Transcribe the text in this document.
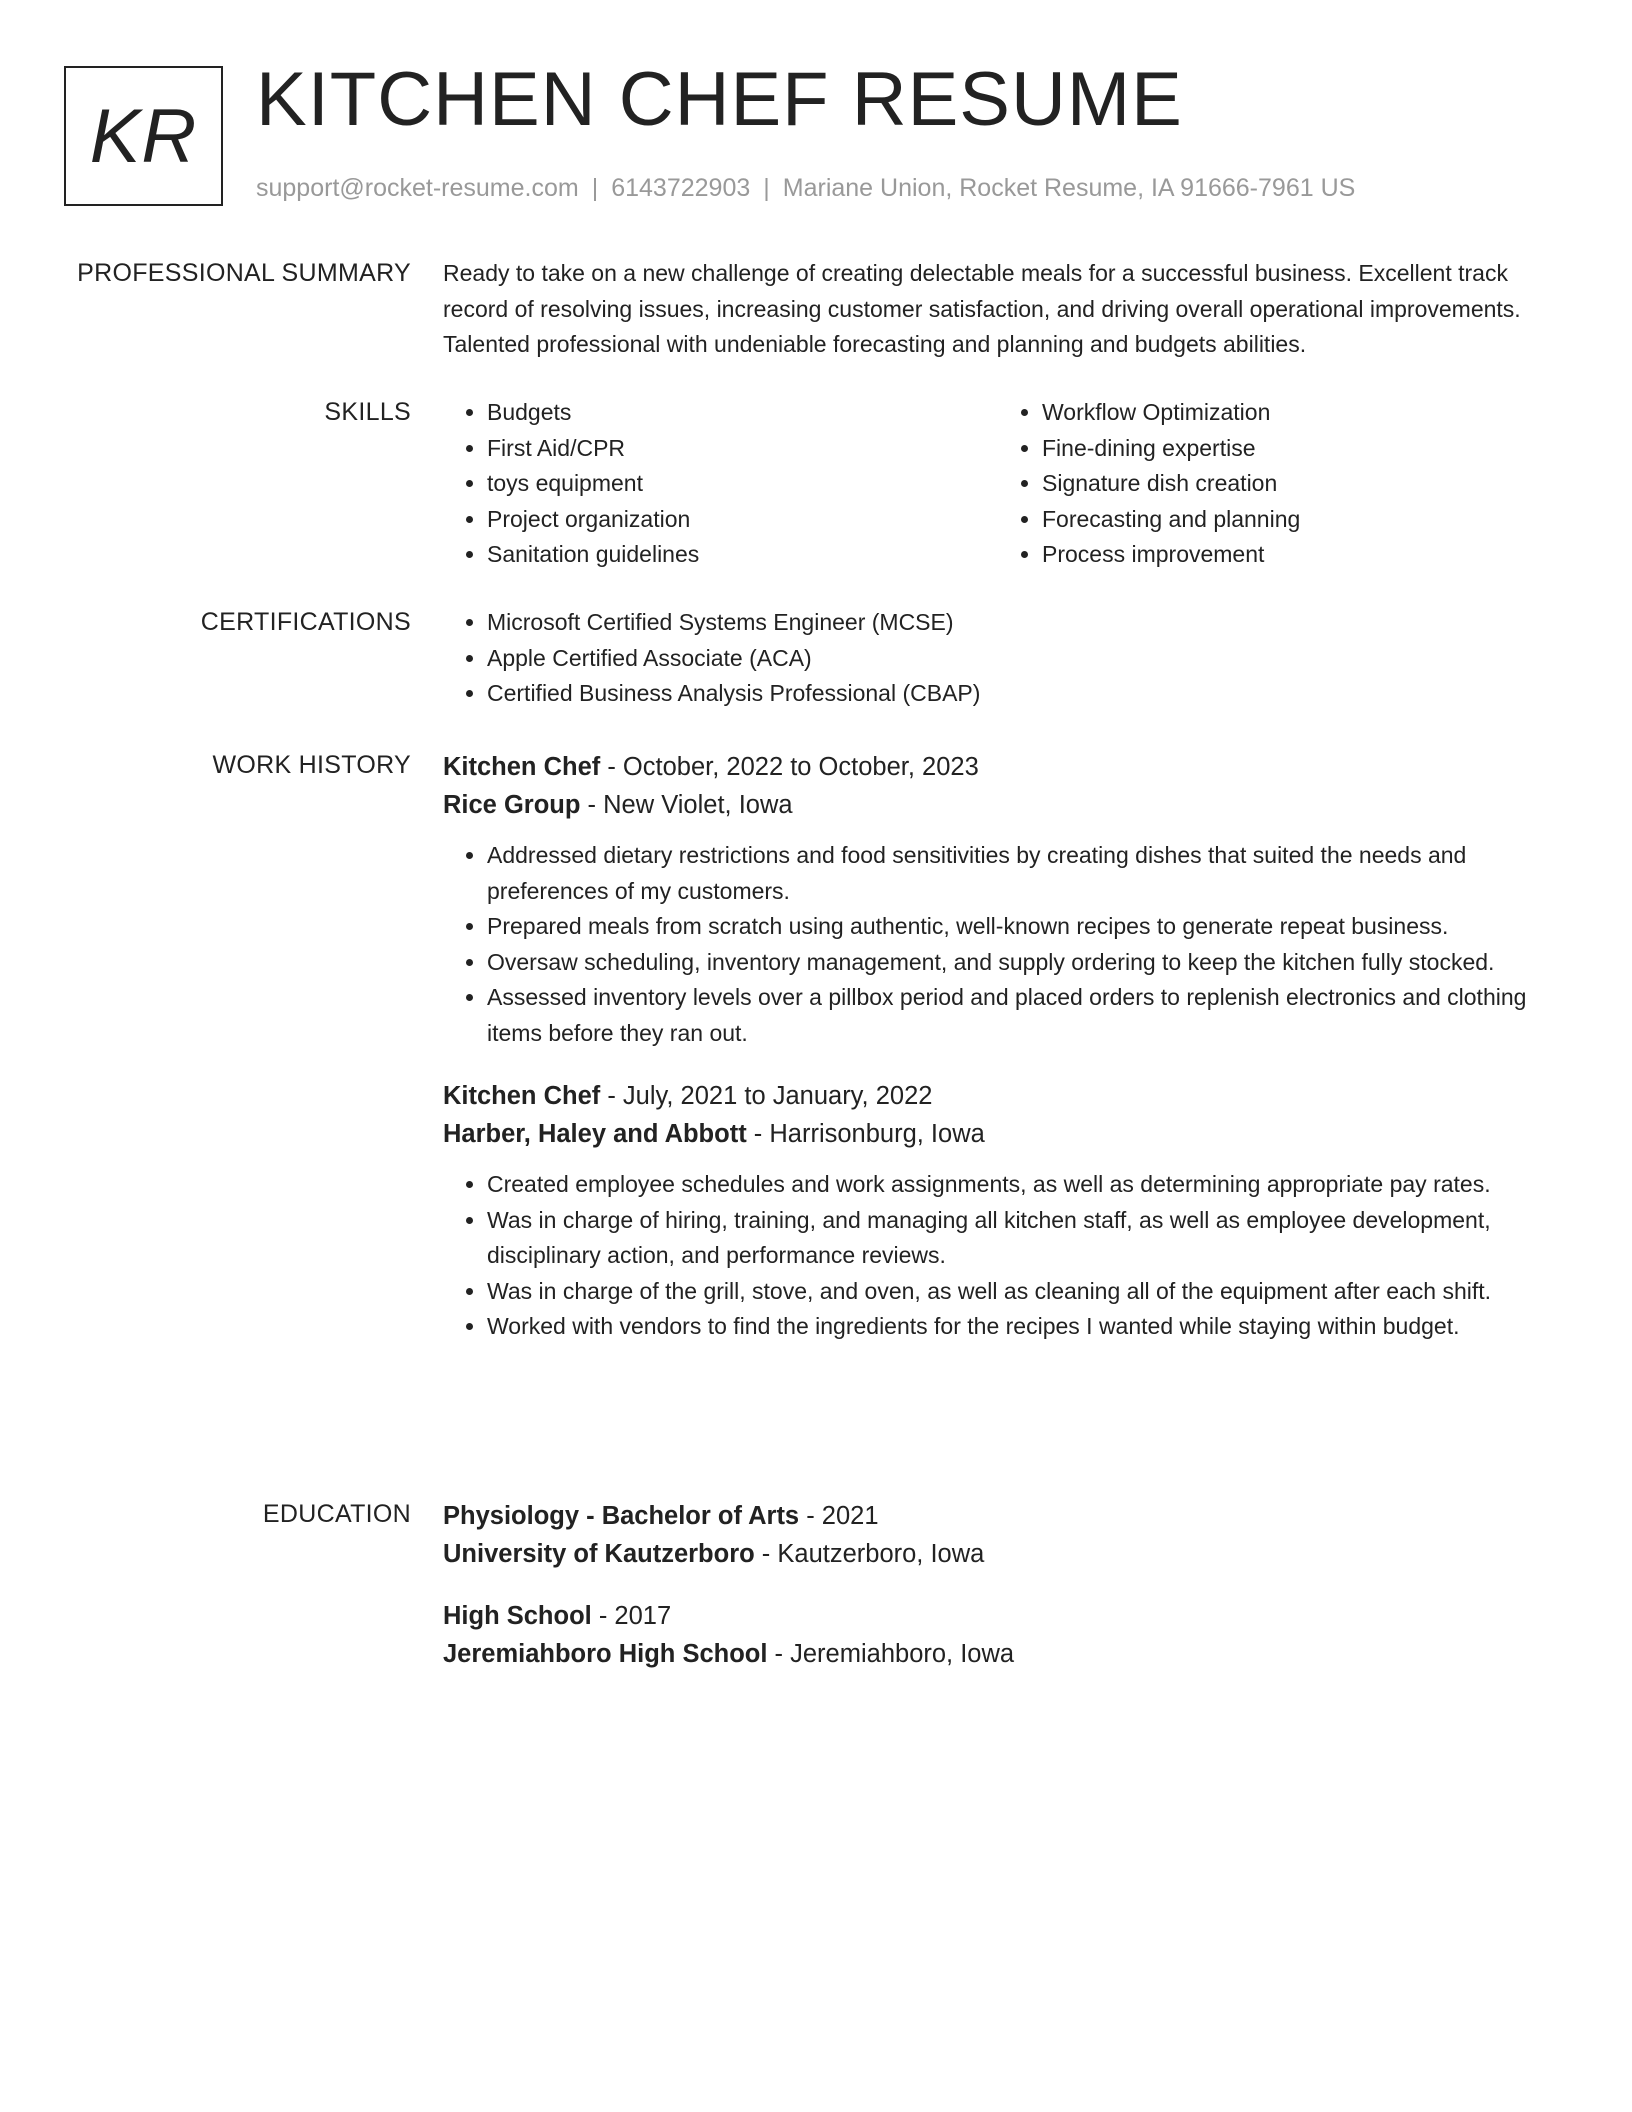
KR KITCHEN CHEF RESUME
support@rocket-resume.com | 6143722903 | Mariane Union, Rocket Resume, IA 91666-7961 US
PROFESSIONAL SUMMARY Ready to take on a new challenge of creating delectable meals for a successful business. Excellent track record of resolving issues, increasing customer satisfaction, and driving overall operational improvements. Talented professional with undeniable forecasting and planning and budgets abilities.

SKILLS	• Budgets
• First Aid/CPR
• toys equipment
• Project organization
• Sanitation guidelines
• Workflow Optimization
• Fine-dining expertise
• Signature dish creation
• Forecasting and planning
• Process improvement
CERTIFICATIONS	• Microsoft Certified Systems Engineer (MCSE)
• Apple Certified Associate (ACA)
• Certified Business Analysis Professional (CBAP)
WORK HISTORY Kitchen Chef - October, 2022 to October, 2023
Rice Group - New Violet, Iowa
• Addressed dietary restrictions and food sensitivities by creating dishes that suited the needs and preferences of my customers.
• Prepared meals from scratch using authentic, well-known recipes to generate repeat business.
• Oversaw scheduling, inventory management, and supply ordering to keep the kitchen fully stocked.
• Assessed inventory levels over a pillbox period and placed orders to replenish electronics and clothing items before they ran out.
Kitchen Chef - July, 2021 to January, 2022
Harber, Haley and Abbott - Harrisonburg, Iowa
• Created employee schedules and work assignments, as well as determining appropriate pay rates.
• Was in charge of hiring, training, and managing all kitchen staff, as well as employee development, disciplinary action, and performance reviews.
• Was in charge of the grill, stove, and oven, as well as cleaning all of the equipment after each shift.
• Worked with vendors to find the ingredients for the recipes I wanted while staying within budget.
EDUCATION Physiology - Bachelor of Arts - 2021
University of Kautzerboro - Kautzerboro, Iowa
High School - 2017
Jeremiahboro High School - Jeremiahboro, Iowa
